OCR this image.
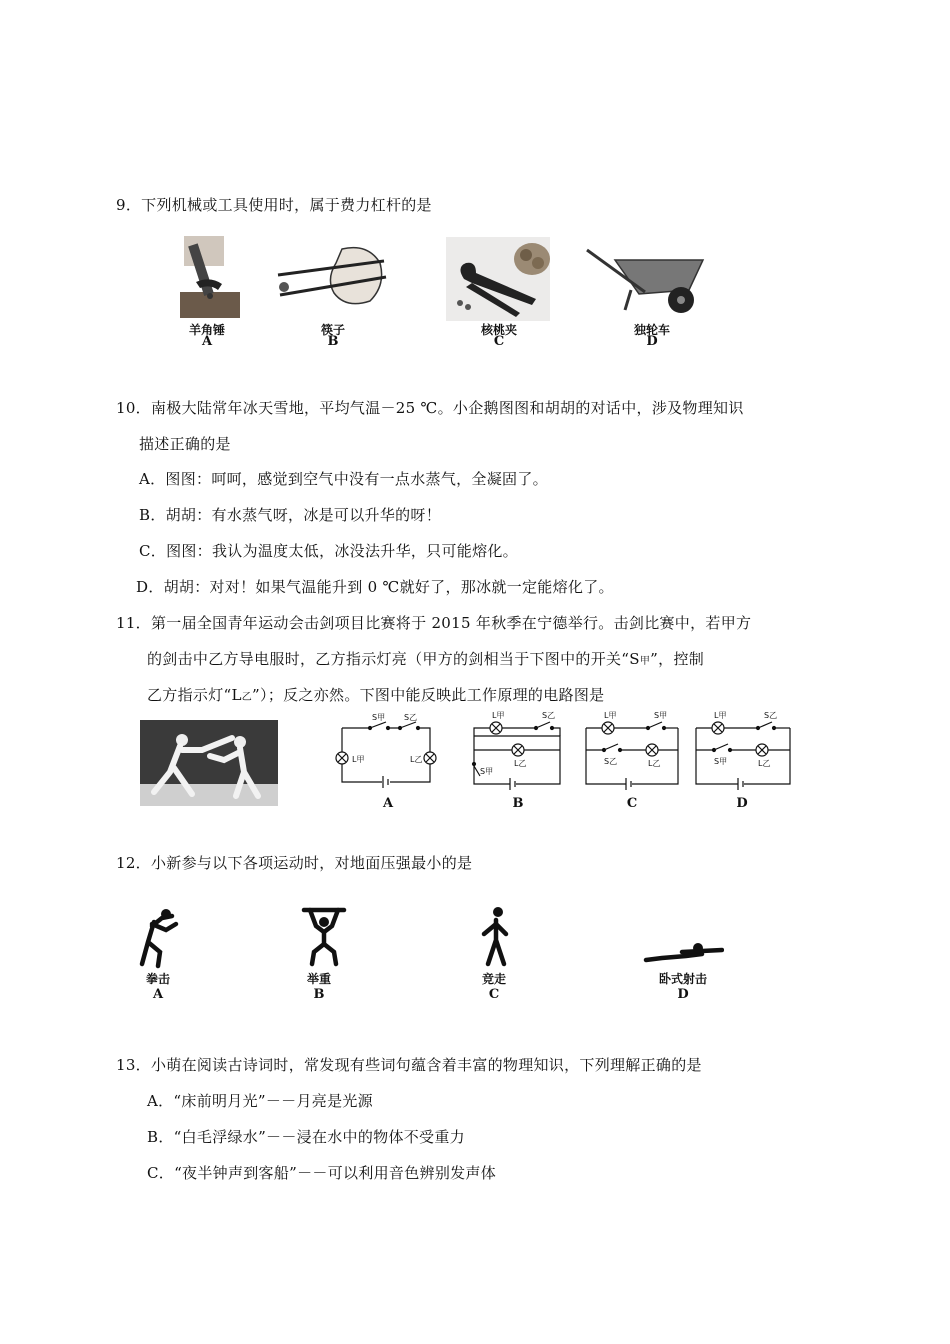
9．下列机械或工具使用时，属于费力杠杆的是
羊角锤
A
筷子
B
核桃夹
C
独轮车
D
10．南极大陆常年冰天雪地，平均气温－25 ℃。小企鹅图图和胡胡的对话中，涉及物理知识
描述正确的是
A．图图：呵呵，感觉到空气中没有一点水蒸气，全凝固了。
B．胡胡：有水蒸气呀，冰是可以升华的呀！
C．图图：我认为温度太低，冰没法升华，只可能熔化。
D．胡胡：对对！如果气温能升到 0 ℃就好了，那冰就一定能熔化了。
11．第一届全国青年运动会击剑项目比赛将于 2015 年秋季在宁德举行。击剑比赛中，若甲方
的剑击中乙方导电服时，乙方指示灯亮（甲方的剑相当于下图中的开关“S甲”，控制
乙方指示灯“L乙”）；反之亦然。下图中能反映此工作原理的电路图是
S甲 S乙
L甲	L乙
A
L甲	S乙
L乙
S甲
B
L甲	S甲
S乙	L乙
C
L甲	S乙
S甲	L乙
D
12．小新参与以下各项运动时，对地面压强最小的是
拳击
A
举重
B
竞走
C
卧式射击
D
13．小萌在阅读古诗词时，常发现有些词句蕴含着丰富的物理知识，下列理解正确的是
A．“床前明月光”－－月亮是光源
B．“白毛浮绿水”－－浸在水中的物体不受重力
C．“夜半钟声到客船”－－可以利用音色辨别发声体
